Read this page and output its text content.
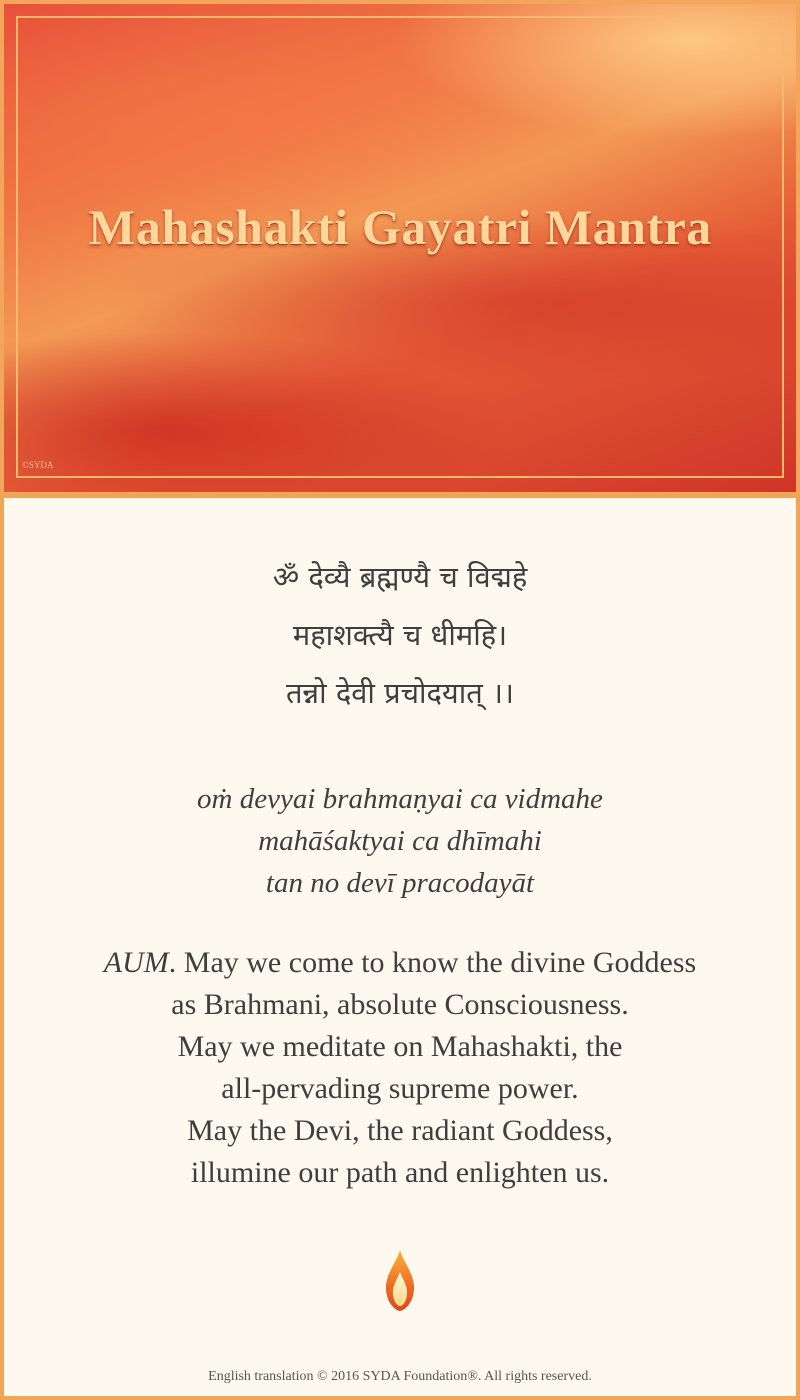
Mahashakti Gayatri Mantra
©SYDA
ॐ देव्यै ब्रह्मण्यै च विद्महे
महाशक्त्यै च धीमहि।
तन्नो देवी प्रचोदयात् ।।
oṁ devyai brahmaṇyai ca vidmahe
mahāśaktyai ca dhīmahi
tan no devī pracodayāt
AUM. May we come to know the divine Goddess
as Brahmani, absolute Consciousness.
May we meditate on Mahashakti, the
all-pervading supreme power.
May the Devi, the radiant Goddess,
illumine our path and enlighten us.
English translation © 2016 SYDA Foundation®. All rights reserved.
